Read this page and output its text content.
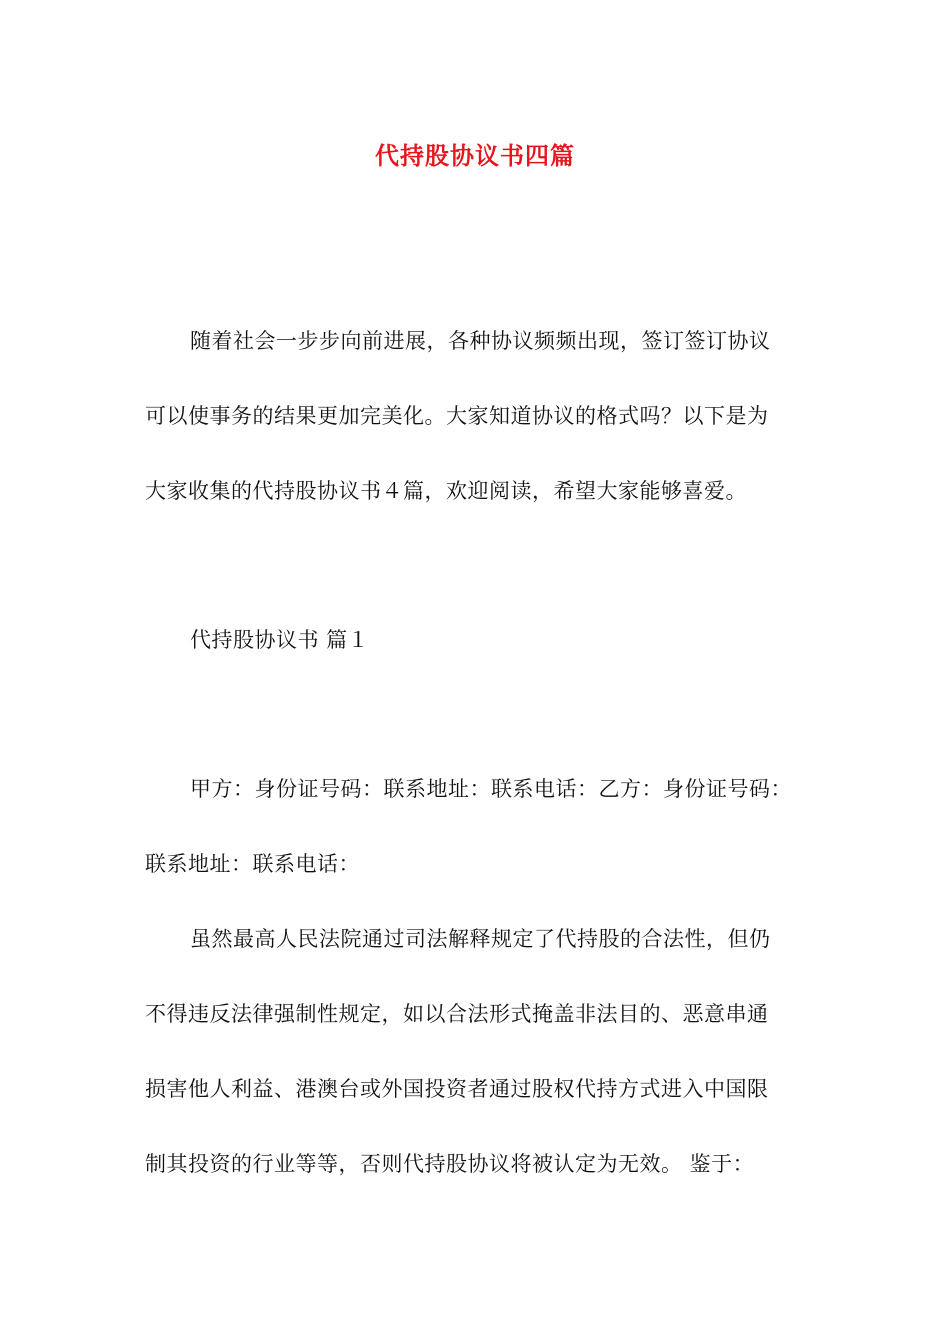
代持股协议书四篇
随着社会一步步向前进展，各种协议频频出现，签订签订协议
可以使事务的结果更加完美化。大家知道协议的格式吗？以下是为
大家收集的代持股协议书４篇，欢迎阅读，希望大家能够喜爱。
代持股协议书 篇１
甲方：身份证号码：联系地址：联系电话：乙方：身份证号码：
联系地址：联系电话：
虽然最高人民法院通过司法解释规定了代持股的合法性，但仍
不得违反法律强制性规定，如以合法形式掩盖非法目的、恶意串通
损害他人利益、港澳台或外国投资者通过股权代持方式进入中国限
制其投资的行业等等，否则代持股协议将被认定为无效。 鉴于：
